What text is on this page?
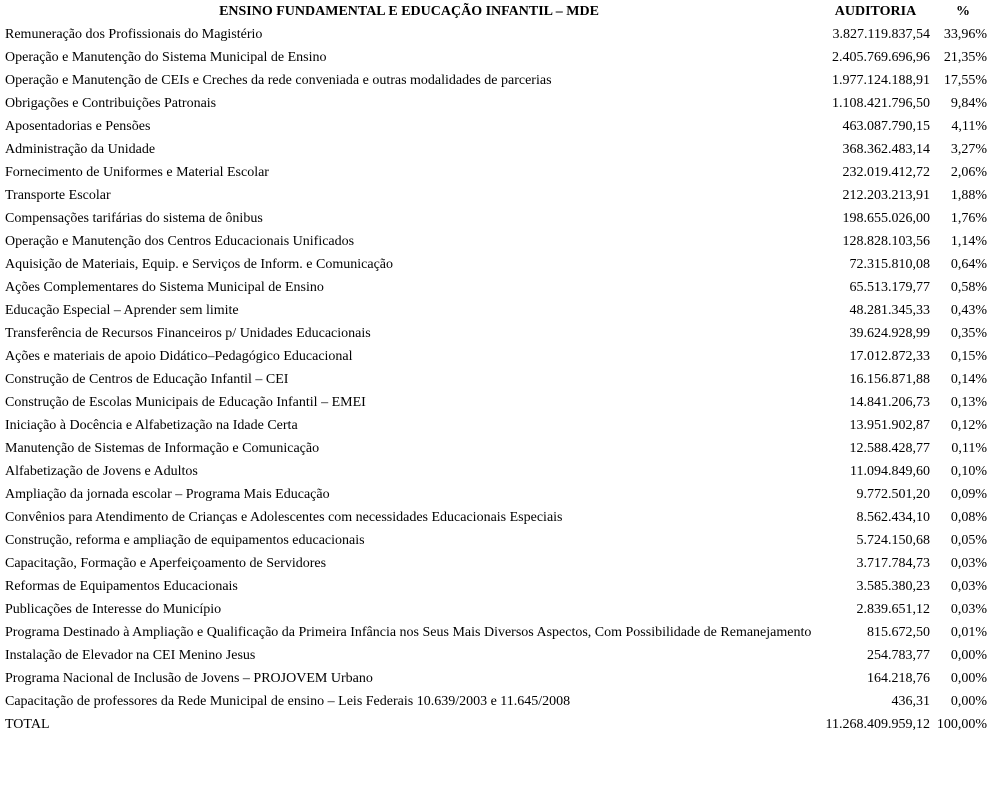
ENSINO FUNDAMENTAL E EDUCAÇÃO INFANTIL – MDE	AUDITORIA	%
Remuneração dos Profissionais do Magistério	3.827.119.837,54	33,96%
Operação e Manutenção do Sistema Municipal de Ensino	2.405.769.696,96	21,35%
Operação e Manutenção de CEIs e Creches da rede conveniada e outras modalidades de parcerias	1.977.124.188,91	17,55%
Obrigações e Contribuições Patronais	1.108.421.796,50	9,84%
Aposentadorias e Pensões	463.087.790,15	4,11%
Administração da Unidade	368.362.483,14	3,27%
Fornecimento de Uniformes e Material Escolar	232.019.412,72	2,06%
Transporte Escolar	212.203.213,91	1,88%
Compensações tarifárias do sistema de ônibus	198.655.026,00	1,76%
Operação e Manutenção dos Centros Educacionais Unificados	128.828.103,56	1,14%
Aquisição de Materiais, Equip. e Serviços de Inform. e Comunicação	72.315.810,08	0,64%
Ações Complementares do Sistema Municipal de Ensino	65.513.179,77	0,58%
Educação Especial – Aprender sem limite	48.281.345,33	0,43%
Transferência de Recursos Financeiros p/ Unidades Educacionais	39.624.928,99	0,35%
Ações e materiais de apoio Didático–Pedagógico Educacional	17.012.872,33	0,15%
Construção de Centros de Educação Infantil – CEI	16.156.871,88	0,14%
Construção de Escolas Municipais de Educação Infantil – EMEI	14.841.206,73	0,13%
Iniciação à Docência e Alfabetização na Idade Certa	13.951.902,87	0,12%
Manutenção de Sistemas de Informação e Comunicação	12.588.428,77	0,11%
Alfabetização de Jovens e Adultos	11.094.849,60	0,10%
Ampliação da jornada escolar – Programa Mais Educação	9.772.501,20	0,09%
Convênios para Atendimento de Crianças e Adolescentes com necessidades Educacionais Especiais	8.562.434,10	0,08%
Construção, reforma e ampliação de equipamentos educacionais	5.724.150,68	0,05%
Capacitação, Formação e Aperfeiçoamento de Servidores	3.717.784,73	0,03%
Reformas de Equipamentos Educacionais	3.585.380,23	0,03%
Publicações de Interesse do Município	2.839.651,12	0,03%
Programa Destinado à Ampliação e Qualificação da Primeira Infância nos Seus Mais Diversos Aspectos, Com Possibilidade de Remanejamento	815.672,50	0,01%
Instalação de Elevador na CEI Menino Jesus	254.783,77	0,00%
Programa Nacional de Inclusão de Jovens – PROJOVEM Urbano	164.218,76	0,00%
Capacitação de professores da Rede Municipal de ensino – Leis Federais 10.639/2003 e 11.645/2008	436,31	0,00%
TOTAL	11.268.409.959,12	100,00%
